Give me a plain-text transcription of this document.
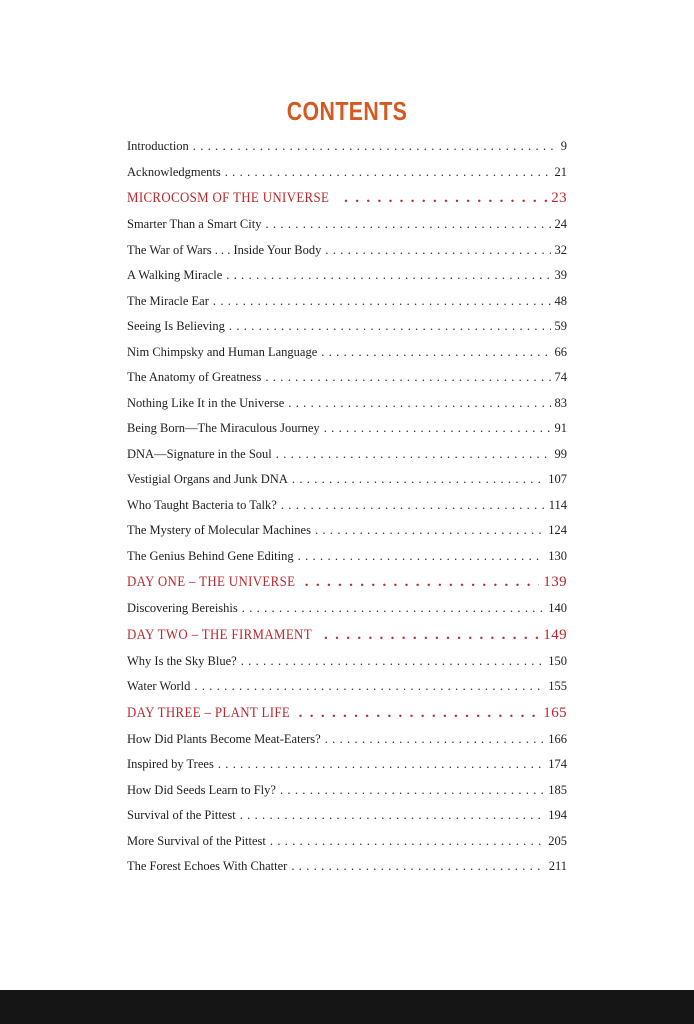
CONTENTS
Introduction . . .	9
Acknowledgments . . .	21
MICROCOSM OF THE UNIVERSE . . .	23
Smarter Than a Smart City . . .	24
The War of Wars . . . Inside Your Body . . .	32
A Walking Miracle . . .	39
The Miracle Ear . . .	48
Seeing Is Believing . . .	59
Nim Chimpsky and Human Language . . .	66
The Anatomy of Greatness . . .	74
Nothing Like It in the Universe . . .	83
Being Born—The Miraculous Journey . . .	91
DNA—Signature in the Soul . . .	99
Vestigial Organs and Junk DNA . . .	107
Who Taught Bacteria to Talk? . . .	114
The Mystery of Molecular Machines . . .	124
The Genius Behind Gene Editing . . .	130
DAY ONE – THE UNIVERSE . . .	139
Discovering Bereishis . . .	140
DAY TWO – THE FIRMAMENT . . .	149
Why Is the Sky Blue? . . .	150
Water World . . .	155
DAY THREE – PLANT LIFE . . .	165
How Did Plants Become Meat-Eaters? . . .	166
Inspired by Trees . . .	174
How Did Seeds Learn to Fly? . . .	185
Survival of the Pittest . . .	194
More Survival of the Pittest . . .	205
The Forest Echoes With Chatter . . .	211
